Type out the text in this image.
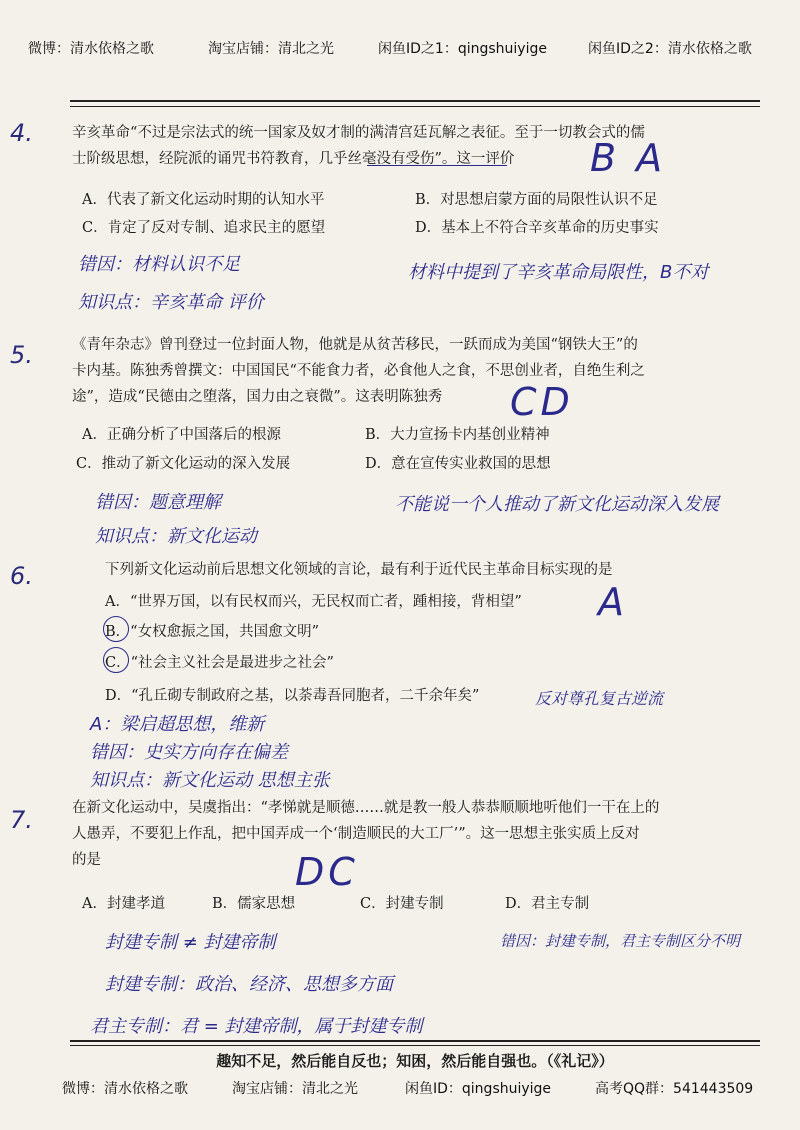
微博：清水依格之歌	淘宝店铺：清北之光	闲鱼ID之1：qingshuiyige	闲鱼ID之2：清水依格之歌
4.	辛亥革命“不过是宗法式的统一国家及奴才制的满清宫廷瓦解之表征。至于一切教会式的儒
士阶级思想，经院派的诵咒书符教育，几乎丝毫没有受伤”。这一评价	B A
A．代表了新文化运动时期的认知水平	B．对思想启蒙方面的局限性认识不足
C．肯定了反对专制、追求民主的愿望	D．基本上不符合辛亥革命的历史事实
错因：材料认识不足	材料中提到了辛亥革命局限性，B不对
知识点：辛亥革命 评价
5.	《青年杂志》曾刊登过一位封面人物，他就是从贫苦移民，一跃而成为美国“钢铁大王”的
卡内基。陈独秀曾撰文：中国国民“不能食力者，必食他人之食，不思创业者，自绝生利之
途”，造成“民德由之堕落，国力由之衰微”。这表明陈独秀	CD
A．正确分析了中国落后的根源	B．大力宣扬卡内基创业精神
C．推动了新文化运动的深入发展	D．意在宣传实业救国的思想
错因：题意理解	不能说一个人推动了新文化运动深入发展
知识点：新文化运动
6.	下列新文化运动前后思想文化领域的言论，最有利于近代民主革命目标实现的是
A
A．“世界万国，以有民权而兴，无民权而亡者，踵相接，背相望”
B．“女权愈振之国，共国愈文明”
C．“社会主义社会是最进步之社会”
D．“孔丘砌专制政府之基，以荼毒吾同胞者，二千余年矣”	反对尊孔复古逆流
A：梁启超思想，维新
错因：史实方向存在偏差
知识点：新文化运动 思想主张
7.	在新文化运动中，吴虞指出：“孝悌就是顺德……就是教一般人恭恭顺顺地听他们一干在上的
人愚弄，不要犯上作乱，把中国弄成一个‘制造顺民的大工厂’”。这一思想主张实质上反对
的是	DC
A．封建孝道	B．儒家思想	C．封建专制	D．君主专制
封建专制 ≠ 封建帝制	错因：封建专制，君主专制区分不明
封建专制：政治、经济、思想多方面
君主专制：君 = 封建帝制，属于封建专制
趣知不足，然后能自反也；知困，然后能自强也。（《礼记》）
微博：清水依格之歌	淘宝店铺：清北之光	闲鱼ID：qingshuiyige	高考QQ群：541443509
